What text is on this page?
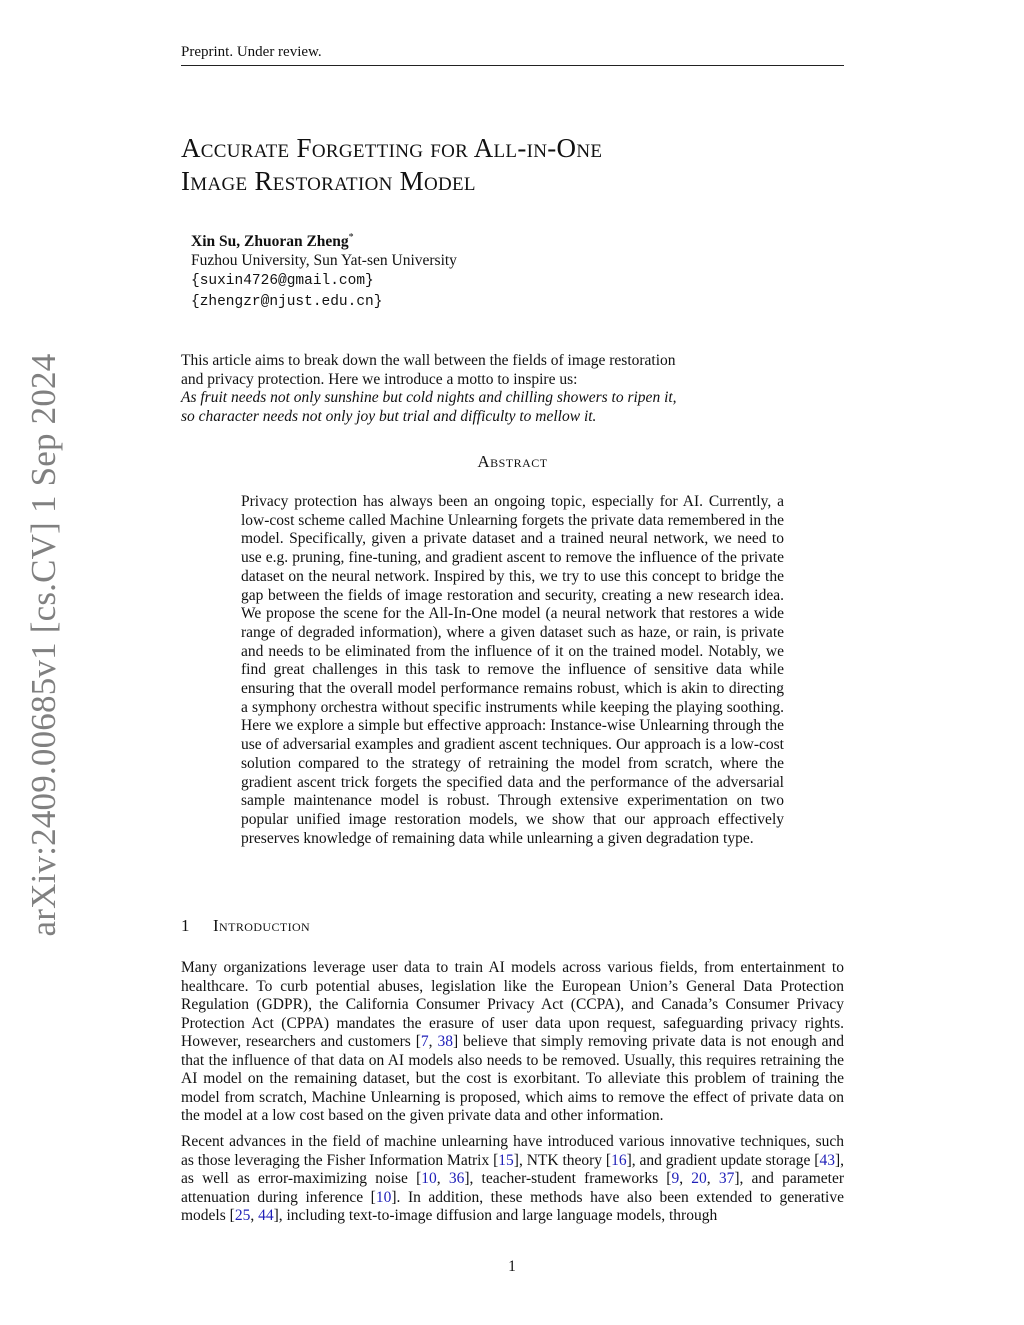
Preprint. Under review.
arXiv:2409.00685v1 [cs.CV] 1 Sep 2024
Accurate Forgetting for All-in-One
Image Restoration Model
Xin Su, Zhuoran Zheng*
Fuzhou University, Sun Yat-sen University
{suxin4726@gmail.com}
{zhengzr@njust.edu.cn}
This article aims to break down the wall between the fields of image restoration
and privacy protection. Here we introduce a motto to inspire us:
As fruit needs not only sunshine but cold nights and chilling showers to ripen it,
so character needs not only joy but trial and difficulty to mellow it.
Abstract

Privacy protection has always been an ongoing topic, especially for AI. Currently, a low-cost scheme called Machine Unlearning forgets the private data remembered in the model. Specifically, given a private dataset and a trained neural network, we need to use e.g. pruning, fine-tuning, and gradient ascent to remove the influence of the private dataset on the neural network. Inspired by this, we try to use this concept to bridge the gap between the fields of image restoration and security, creating a new research idea. We propose the scene for the All-In-One model (a neural network that restores a wide range of degraded information), where a given dataset such as haze, or rain, is private and needs to be eliminated from the influence of it on the trained model. Notably, we find great challenges in this task to remove the influence of sensitive data while ensuring that the overall model performance remains robust, which is akin to directing a symphony orchestra without specific instruments while keeping the playing soothing. Here we explore a simple but effective approach: Instance-wise Unlearning through the use of adversarial examples and gradient ascent techniques. Our approach is a low-cost solution compared to the strategy of retraining the model from scratch, where the gradient ascent trick forgets the specified data and the performance of the adversarial sample maintenance model is robust. Through extensive experimentation on two popular unified image restoration models, we show that our approach effectively preserves knowledge of remaining data while unlearning a given degradation type.

1 Introduction

Many organizations leverage user data to train AI models across various fields, from entertainment to healthcare. To curb potential abuses, legislation like the European Union’s General Data Protection Regulation (GDPR), the California Consumer Privacy Act (CCPA), and Canada’s Consumer Privacy Protection Act (CPPA) mandates the erasure of user data upon request, safeguarding privacy rights. However, researchers and customers [7, 38] believe that simply removing private data is not enough and that the influence of that data on AI models also needs to be removed. Usually, this requires retraining the AI model on the remaining dataset, but the cost is exorbitant. To alleviate this problem of training the model from scratch, Machine Unlearning is proposed, which aims to remove the effect of private data on the model at a low cost based on the given private data and other information.

Recent advances in the field of machine unlearning have introduced various innovative techniques, such as those leveraging the Fisher Information Matrix [15], NTK theory [16], and gradient update storage [43], as well as error-maximizing noise [10, 36], teacher-student frameworks [9, 20, 37], and parameter attenuation during inference [10]. In addition, these methods have also been extended to generative models [25, 44], including text-to-image diffusion and large language models, through

1
